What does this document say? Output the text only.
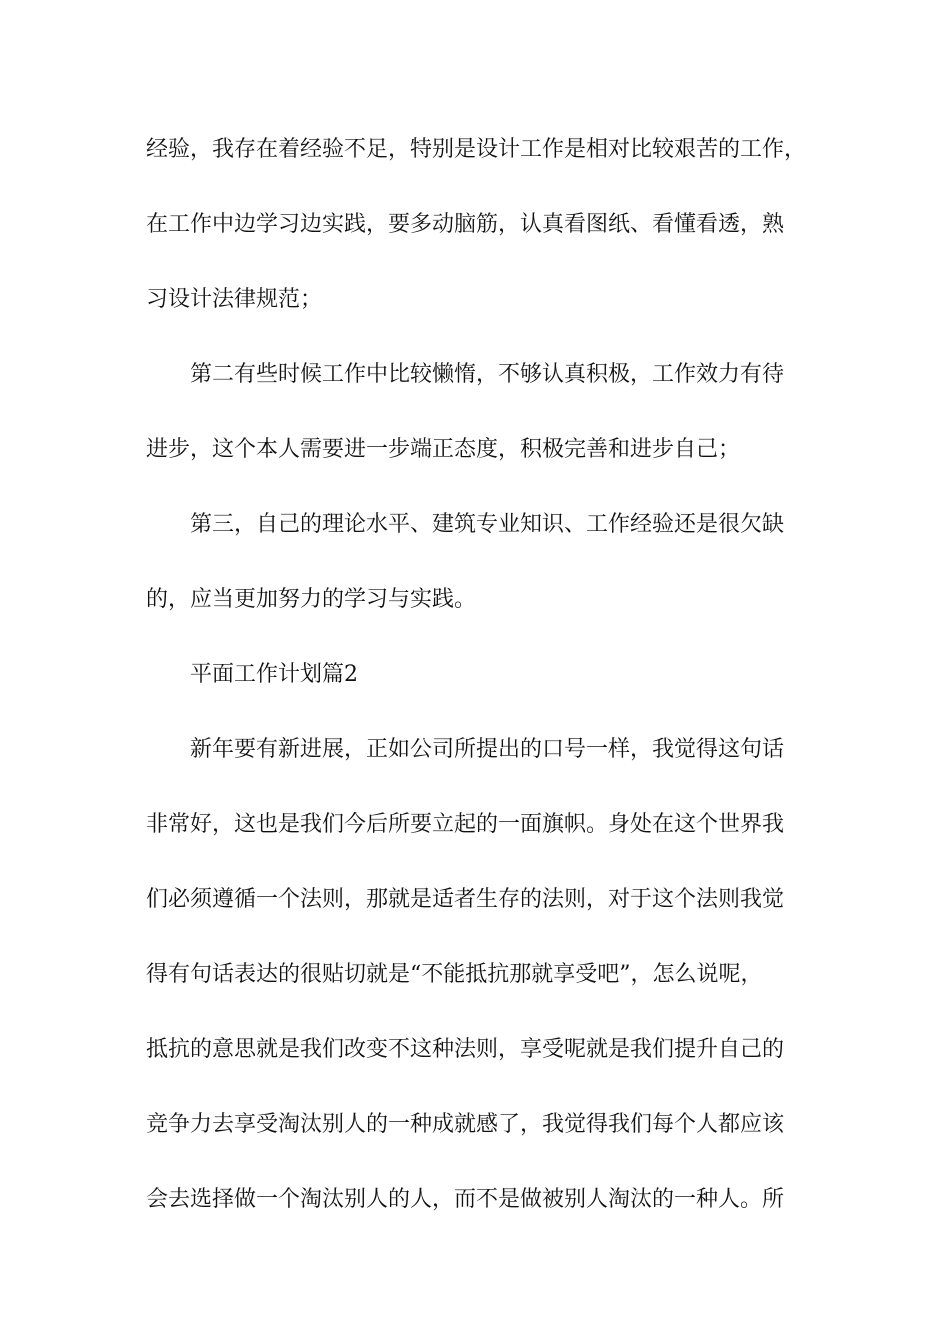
经验，我存在着经验不足，特别是设计工作是相对比较艰苦的工作，
在工作中边学习边实践，要多动脑筋，认真看图纸、看懂看透，熟
习设计法律规范；
第二有些时候工作中比较懒惰，不够认真积极，工作效力有待
进步，这个本人需要进一步端正态度，积极完善和进步自己；
第三，自己的理论水平、建筑专业知识、工作经验还是很欠缺
的，应当更加努力的学习与实践。
平面工作计划篇2
新年要有新进展，正如公司所提出的口号一样，我觉得这句话
非常好，这也是我们今后所要立起的一面旗帜。身处在这个世界我
们必须遵循一个法则，那就是适者生存的法则，对于这个法则我觉
得有句话表达的很贴切就是“不能抵抗那就享受吧”，怎么说呢，
抵抗的意思就是我们改变不这种法则，享受呢就是我们提升自己的
竞争力去享受淘汰别人的一种成就感了，我觉得我们每个人都应该
会去选择做一个淘汰别人的人，而不是做被别人淘汰的一种人。所
